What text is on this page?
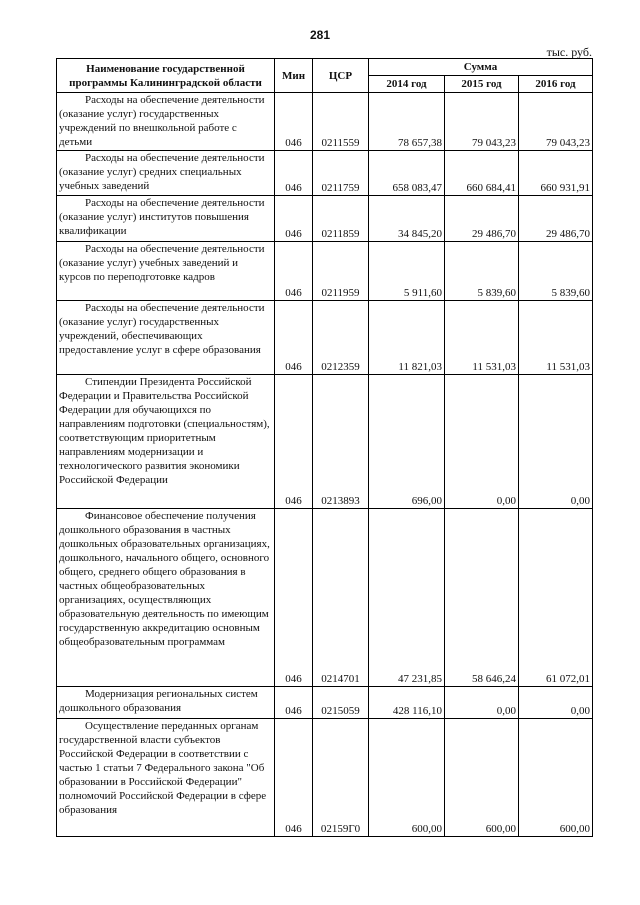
281
тыс. руб.
Наименование государственной
программы Калининградской области	Мин	ЦСР	Сумма		
			2014 год	2015 год	2016 год

Расходы на обеспечение деятельности (оказание услуг) государственных учреждений по внешкольной работе с детьми	046	0211559	78 657,38	79 043,23	79 043,23

Расходы на обеспечение деятельности (оказание услуг) средних специальных учебных заведений	046	0211759	658 083,47	660 684,41	660 931,91

Расходы на обеспечение деятельности (оказание услуг) институтов повышения квалификации	046	0211859	34 845,20	29 486,70	29 486,70

Расходы на обеспечение деятельности (оказание услуг) учебных заведений и курсов по переподготовке кадров	046	0211959	5 911,60	5 839,60	5 839,60

Расходы на обеспечение деятельности (оказание услуг) государственных учреждений, обеспечивающих предоставление услуг в сфере образования	046	0212359	11 821,03	11 531,03	11 531,03

Стипендии Президента Российской Федерации и Правительства Российской Федерации для обучающихся по направлениям подготовки (специальностям), соответствующим приоритетным направлениям модернизации и технологического развития экономики Российской Федерации	046	0213893	696,00	0,00	0,00

Финансовое обеспечение получения дошкольного образования в частных дошкольных образовательных организациях, дошкольного, начального общего, основного общего, среднего общего образования в частных общеобразовательных организациях, осуществляющих образовательную деятельность по имеющим государственную аккредитацию основным общеобразовательным программам	046	0214701	47 231,85	58 646,24	61 072,01

Модернизация региональных систем дошкольного образования	046	0215059	428 116,10	0,00	0,00

Осуществление переданных органам государственной власти субъектов Российской Федерации в соответствии с частью 1 статьи 7 Федерального закона "Об образовании в Российской Федерации" полномочий Российской Федерации в сфере образования	046	02159Г0	600,00	600,00	600,00
